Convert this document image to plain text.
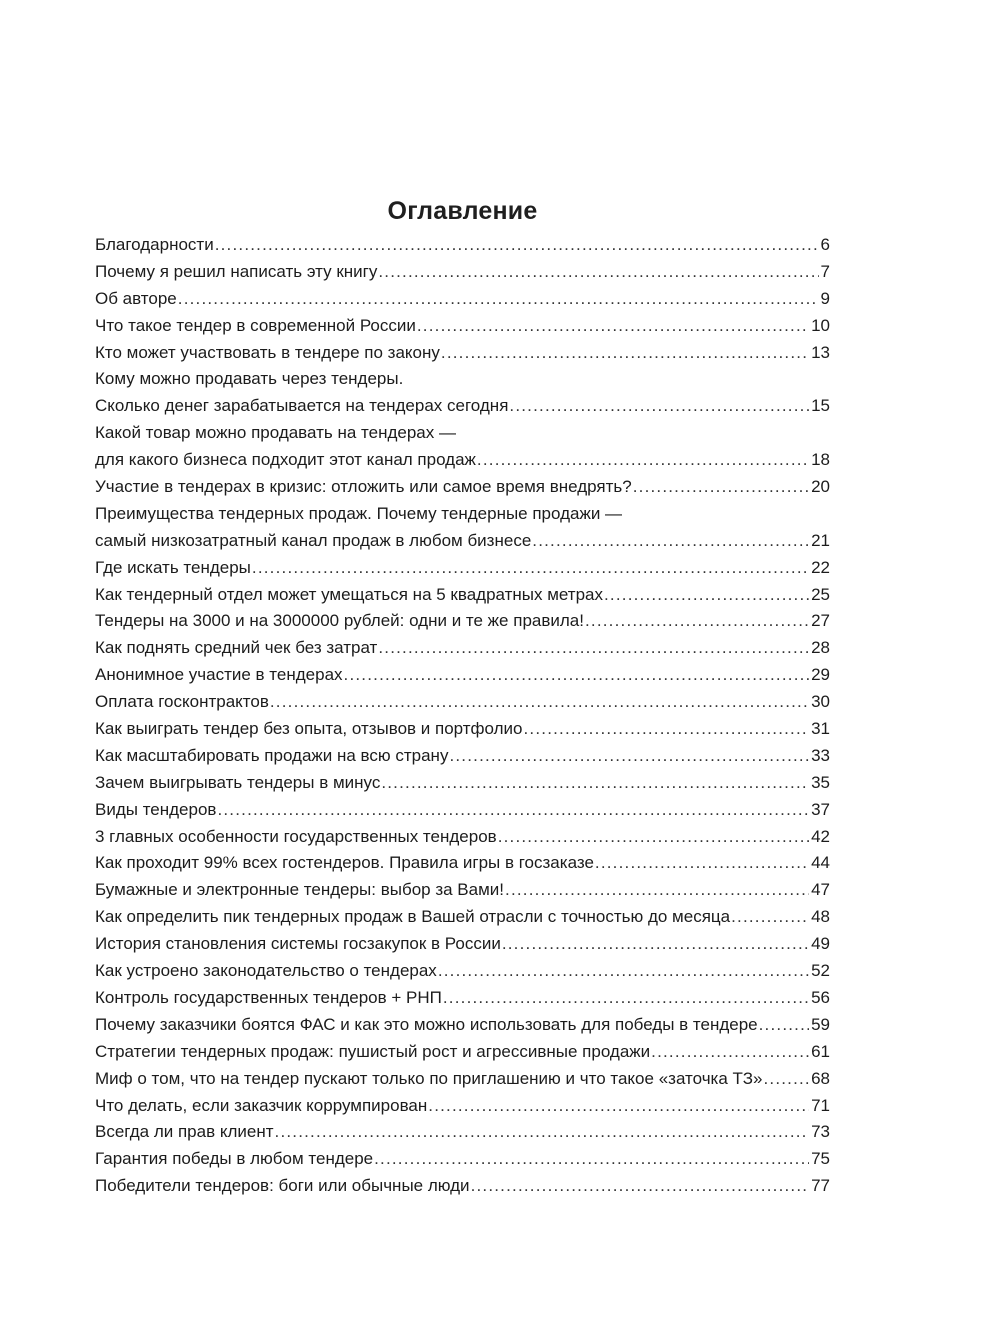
Оглавление
Благодарности .....	6
Почему я решил написать эту книгу .....	7
Об авторе .....	9
Что такое тендер в современной России .....	10
Кто может участвовать в тендере по закону .....	13
Кому можно продавать через тендеры.
Сколько денег зарабатывается на тендерах сегодня .....	15
Какой товар можно продавать на тендерах —
для какого бизнеса подходит этот канал продаж .....	18
Участие в тендерах в кризис: отложить или самое время внедрять? .....	20
Преимущества тендерных продаж. Почему тендерные продажи —
самый низкозатратный канал продаж в любом бизнесе .....	21
Где искать тендеры .....	22
Как тендерный отдел может умещаться на 5 квадратных метрах .....	25
Тендеры на 3000 и на 3000000 рублей: одни и те же правила! .....	27
Как поднять средний чек без затрат .....	28
Анонимное участие в тендерах .....	29
Оплата госконтрактов .....	30
Как выиграть тендер без опыта, отзывов и портфолио .....	31
Как масштабировать продажи на всю страну .....	33
Зачем выигрывать тендеры в минус .....	35
Виды тендеров .....	37
3 главных особенности государственных тендеров .....	42
Как проходит 99% всех гостендеров. Правила игры в госзаказе .....	44
Бумажные и электронные тендеры: выбор за Вами! .....	47
Как определить пик тендерных продаж в Вашей отрасли с точностью до месяца .....	48
История становления системы госзакупок в России .....	49
Как устроено законодательство о тендерах .....	52
Контроль государственных тендеров + РНП .....	56
Почему заказчики боятся ФАС и как это можно использовать для победы в тендере .....	59
Стратегии тендерных продаж: пушистый рост и агрессивные продажи .....	61
Миф о том, что на тендер пускают только по приглашению и что такое «заточка ТЗ» .....	68
Что делать, если заказчик коррумпирован .....	71
Всегда ли прав клиент .....	73
Гарантия победы в любом тендере .....	75
Победители тендеров: боги или обычные люди .....	77
